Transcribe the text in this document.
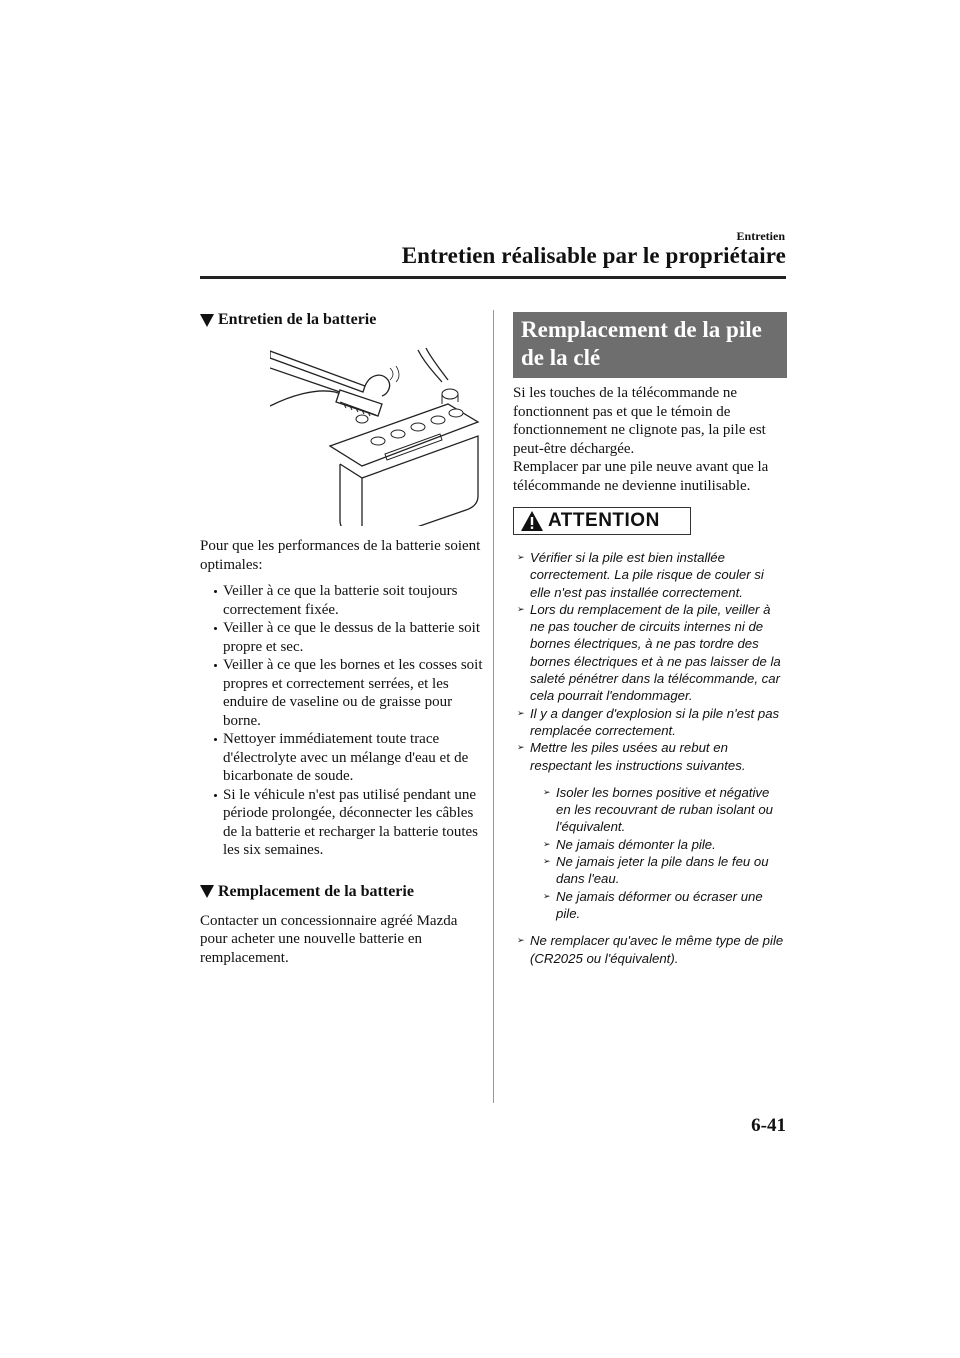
Entretien
Entretien réalisable par le propriétaire
Entretien de la batterie

Pour que les performances de la batterie soient optimales:

Veiller à ce que la batterie soit toujours correctement fixée.
Veiller à ce que le dessus de la batterie soit propre et sec.
Veiller à ce que les bornes et les cosses soit propres et correctement serrées, et les enduire de vaseline ou de graisse pour borne.
Nettoyer immédiatement toute trace d'électrolyte avec un mélange d'eau et de bicarbonate de soude.
Si le véhicule n'est pas utilisé pendant une période prolongée, déconnecter les câbles de la batterie et recharger la batterie toutes les six semaines.
Remplacement de la batterie

Contacter un concessionnaire agréé Mazda pour acheter une nouvelle batterie en remplacement.

Remplacement de la pile de la clé

Si les touches de la télécommande ne fonctionnent pas et que le témoin de fonctionnement ne clignote pas, la pile est peut-être déchargée.

Remplacer par une pile neuve avant que la télécommande ne devienne inutilisable.

ATTENTION
➢ Vérifier si la pile est bien installée correctement. La pile risque de couler si elle n'est pas installée correctement.
➢ Lors du remplacement de la pile, veiller à ne pas toucher de circuits internes ni de bornes électriques, à ne pas tordre des bornes électriques et à ne pas laisser de la saleté pénétrer dans la télécommande, car cela pourrait l'endommager.
➢ Il y a danger d'explosion si la pile n'est pas remplacée correctement.
➢ Mettre les piles usées au rebut en respectant les instructions suivantes.
➢ Isoler les bornes positive et négative en les recouvrant de ruban isolant ou l'équivalent.
➢ Ne jamais démonter la pile.
➢ Ne jamais jeter la pile dans le feu ou dans l'eau.
➢ Ne jamais déformer ou écraser une pile.
➢ Ne remplacer qu'avec le même type de pile (CR2025 ou l'équivalent).
6-41
